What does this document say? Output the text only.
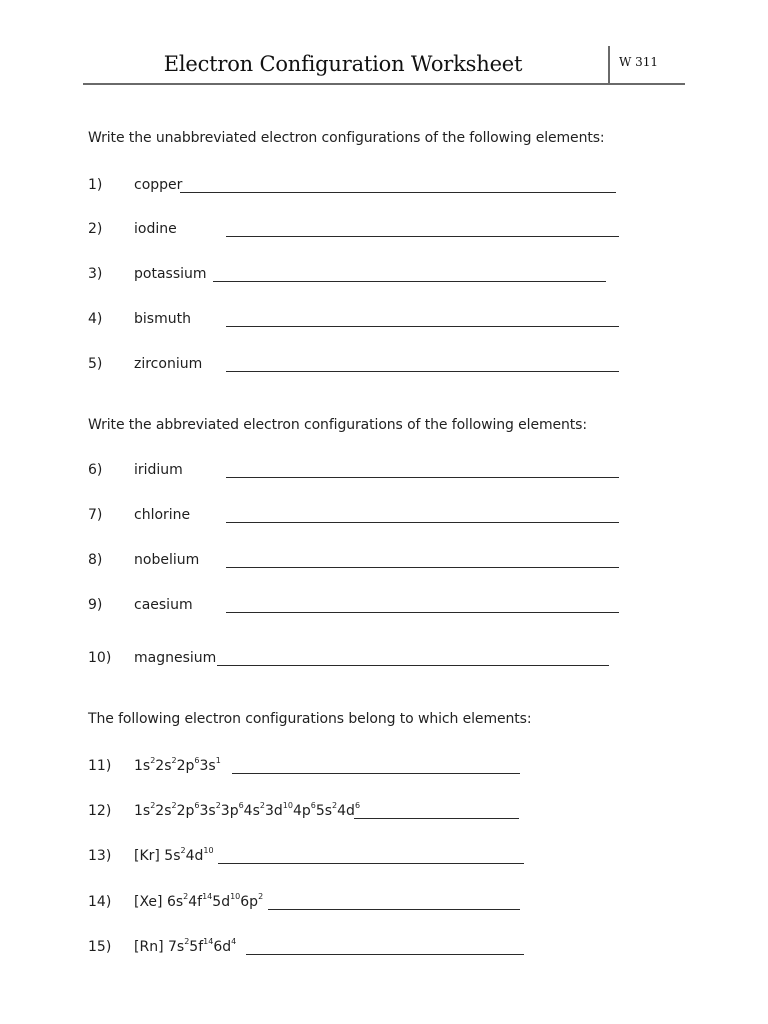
Electron Configuration Worksheet	W 311
Write the unabbreviated electron configurations of the following elements:
1) copper
2) iodine
3) potassium
4) bismuth
5) zirconium
Write the abbreviated electron configurations of the following elements:
6) iridium
7) chlorine
8) nobelium
9) caesium
10) magnesium
The following electron configurations belong to which elements:
11) $1s^22s^22p^63s^1$
12) $1s^22s^22p^63s^23p^64s^23d^{10}4p^65s^24d^6$
13) [Kr] $5s^24d^{10}$
14) [Xe] $6s^24f^{14}5d^{10}6p^2$
15) [Rn] $7s^25f^{14}6d^4$
